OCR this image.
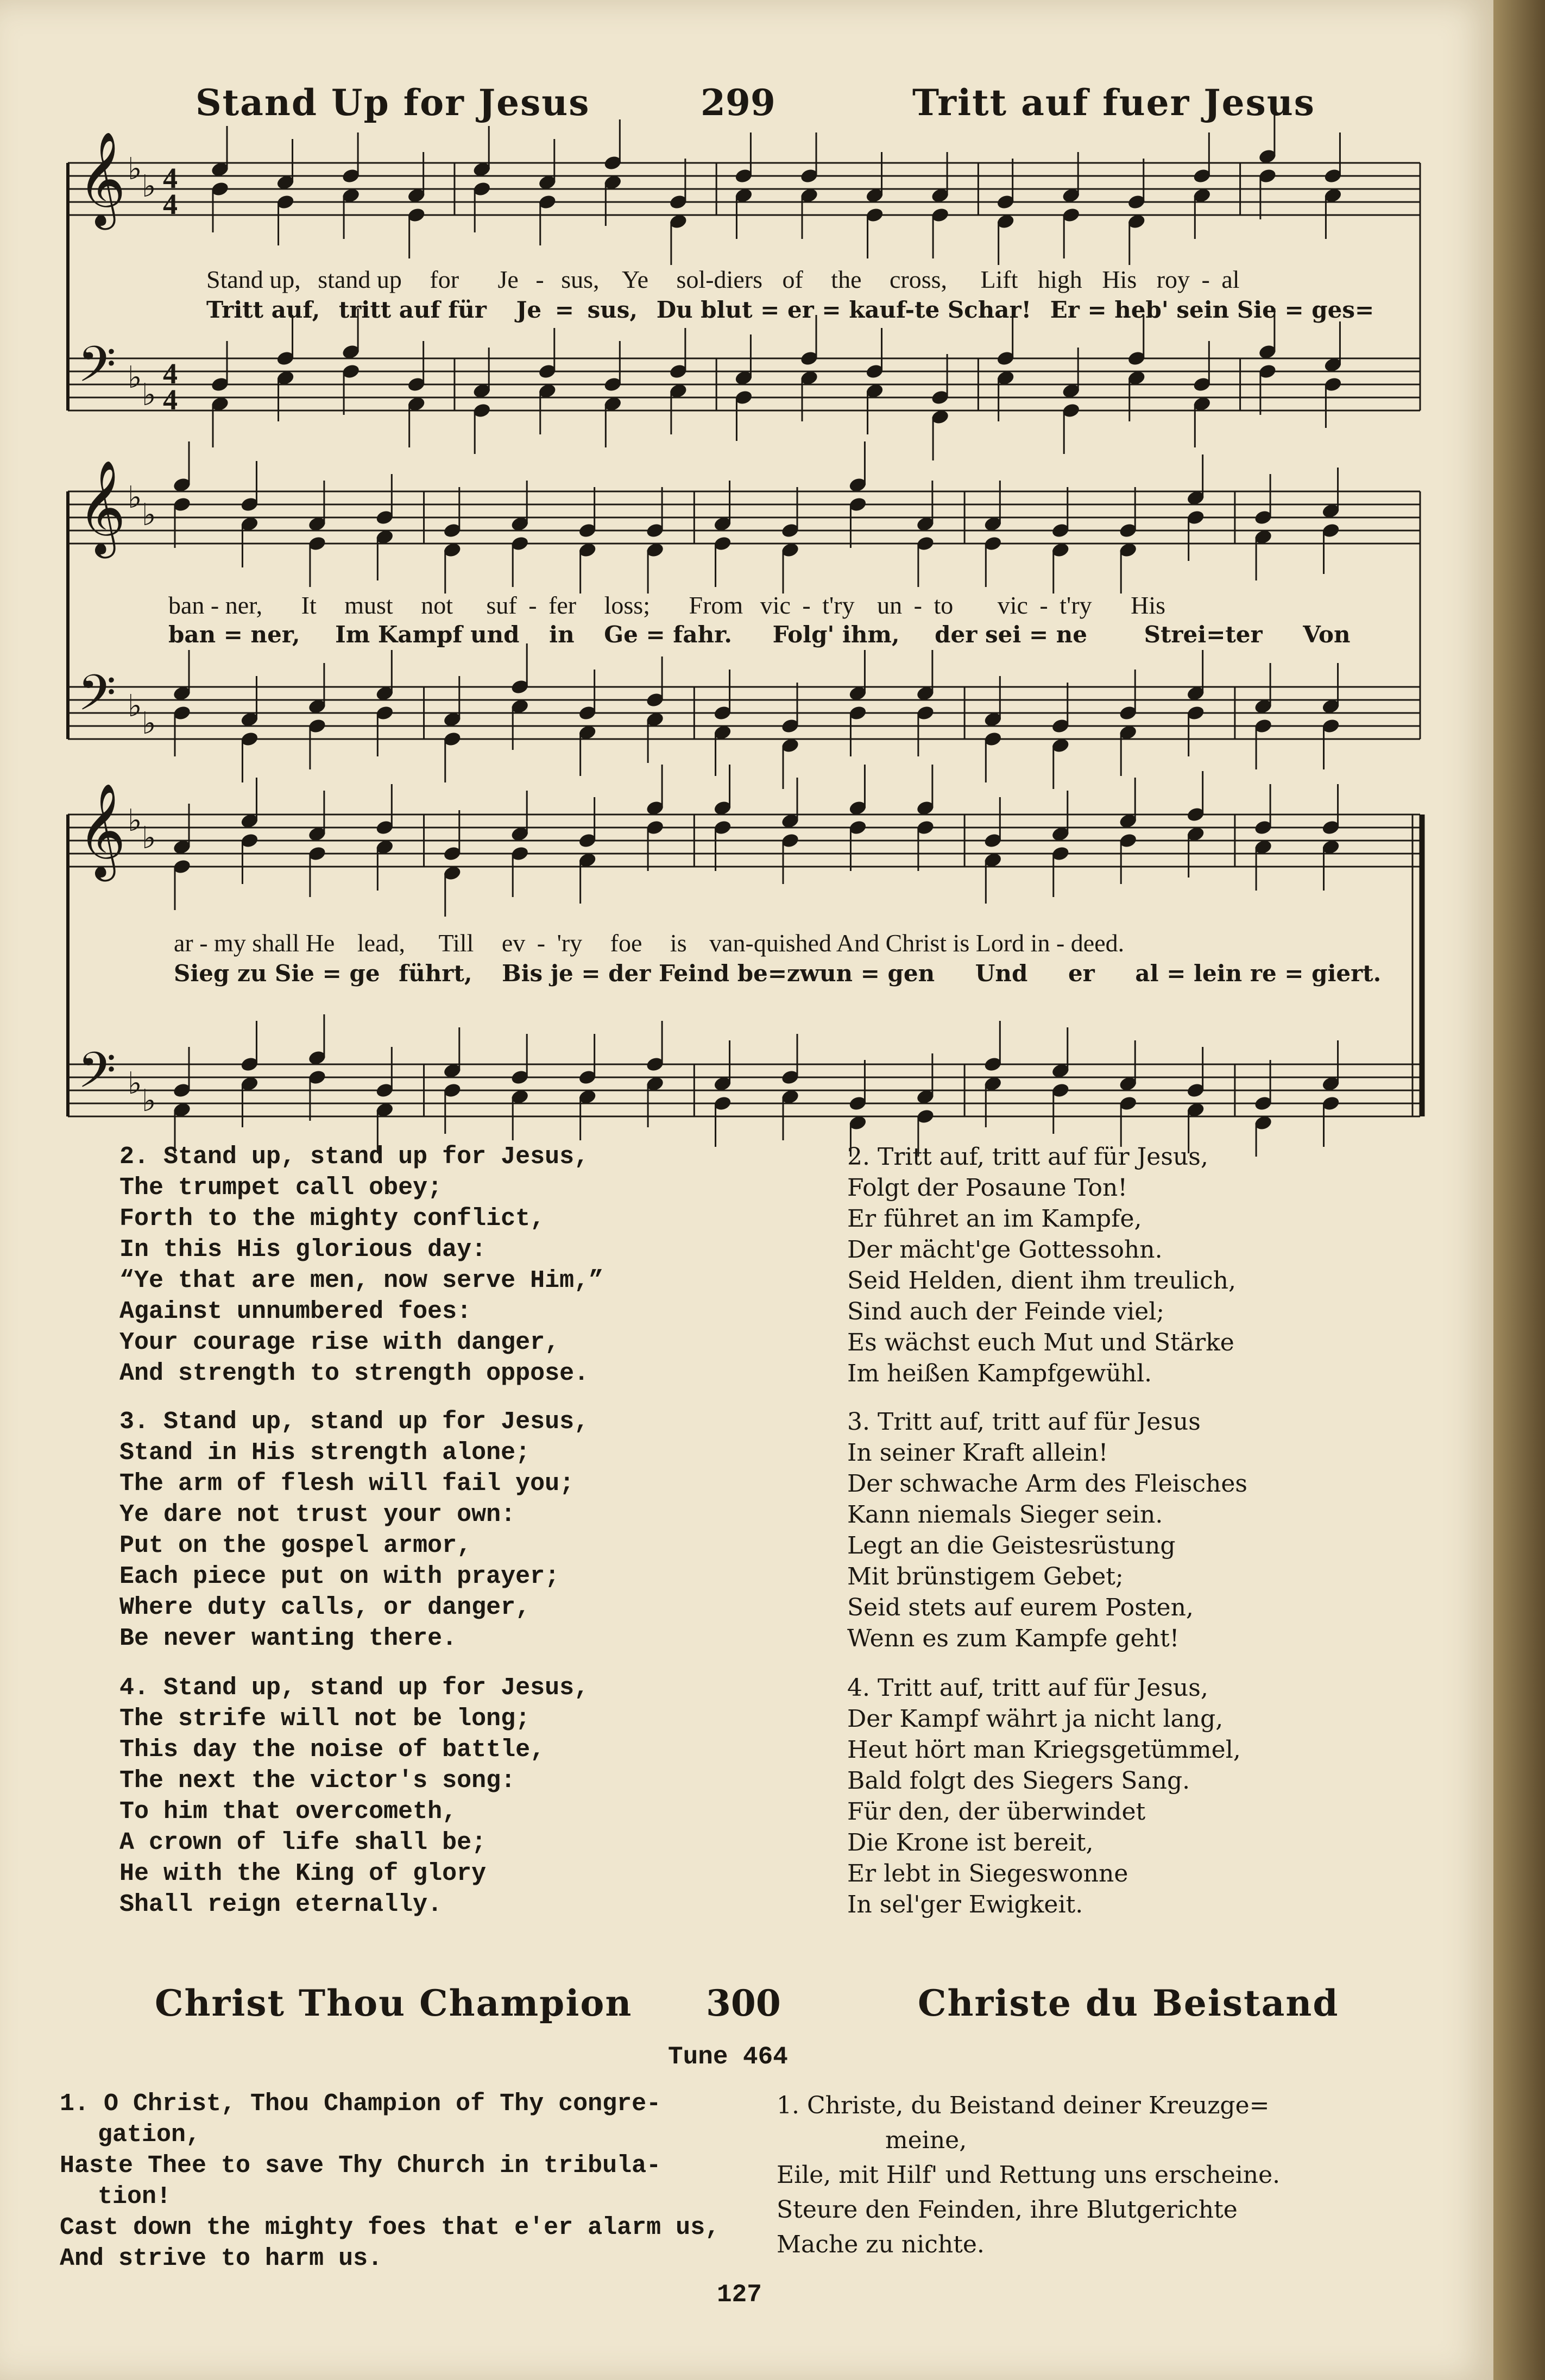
Stand Up for Jesus	299	Tritt auf fuer Jesus
𝄞 ♭ ♭ 4
4
𝄢 ♭ ♭
4
4
𝄞 ♭ ♭
𝄢 ♭ ♭
𝄞 ♭ ♭
𝄢 ♭ ♭
Stand up, stand up for Je - sus, Ye sol-diers of the cross, Lift high His roy - al
Tritt auf, tritt auf für Je = sus, Du blut = er = kauf-te Schar! Er = heb' sein Sie = ges=
ban - ner, It must not suf - fer loss; From vic - t'ry un - to vic - t'ry His
ban = ner, Im Kampf und in Ge = fahr. Folg' ihm, der sei = ne Strei=ter Von
ar - my shall He lead, Till ev - 'ry foe is van-quished And Christ is Lord in - deed.
Sieg zu Sie = ge führt, Bis je = der Feind be=zwun = gen Und er al = lein re = giert.
2. Stand up, stand up for Jesus,
The trumpet call obey;
Forth to the mighty conflict,
In this His glorious day:
“Ye that are men, now serve Him,”
Against unnumbered foes:
Your courage rise with danger,
And strength to strength oppose.
3. Stand up, stand up for Jesus,
Stand in His strength alone;
The arm of flesh will fail you;
Ye dare not trust your own:
Put on the gospel armor,
Each piece put on with prayer;
Where duty calls, or danger,
Be never wanting there.
4. Stand up, stand up for Jesus,
The strife will not be long;
This day the noise of battle,
The next the victor's song:
To him that overcometh,
A crown of life shall be;
He with the King of glory
Shall reign eternally.
2. Tritt auf, tritt auf für Jesus,
Folgt der Posaune Ton!
Er führet an im Kampfe,
Der mächt'ge Gottessohn.
Seid Helden, dient ihm treulich,
Sind auch der Feinde viel;
Es wächst euch Mut und Stärke
Im heißen Kampfgewühl.
3. Tritt auf, tritt auf für Jesus
In seiner Kraft allein!
Der schwache Arm des Fleisches
Kann niemals Sieger sein.
Legt an die Geistesrüstung
Mit brünstigem Gebet;
Seid stets auf eurem Posten,
Wenn es zum Kampfe geht!
4. Tritt auf, tritt auf für Jesus,
Der Kampf währt ja nicht lang,
Heut hört man Kriegsgetümmel,
Bald folgt des Siegers Sang.
Für den, der überwindet
Die Krone ist bereit,
Er lebt in Siegeswonne
In sel'ger Ewigkeit.
Christ Thou Champion 300	Christe du Beistand
Tune 464
1. O Christ, Thou Champion of Thy congre-
gation,
Haste Thee to save Thy Church in tribula-
tion!
Cast down the mighty foes that e'er alarm us,
And strive to harm us.
1. Christe, du Beistand deiner Kreuzge=
meine,
Eile, mit Hilf' und Rettung uns erscheine.
Steure den Feinden, ihre Blutgerichte
Mache zu nichte.
127
